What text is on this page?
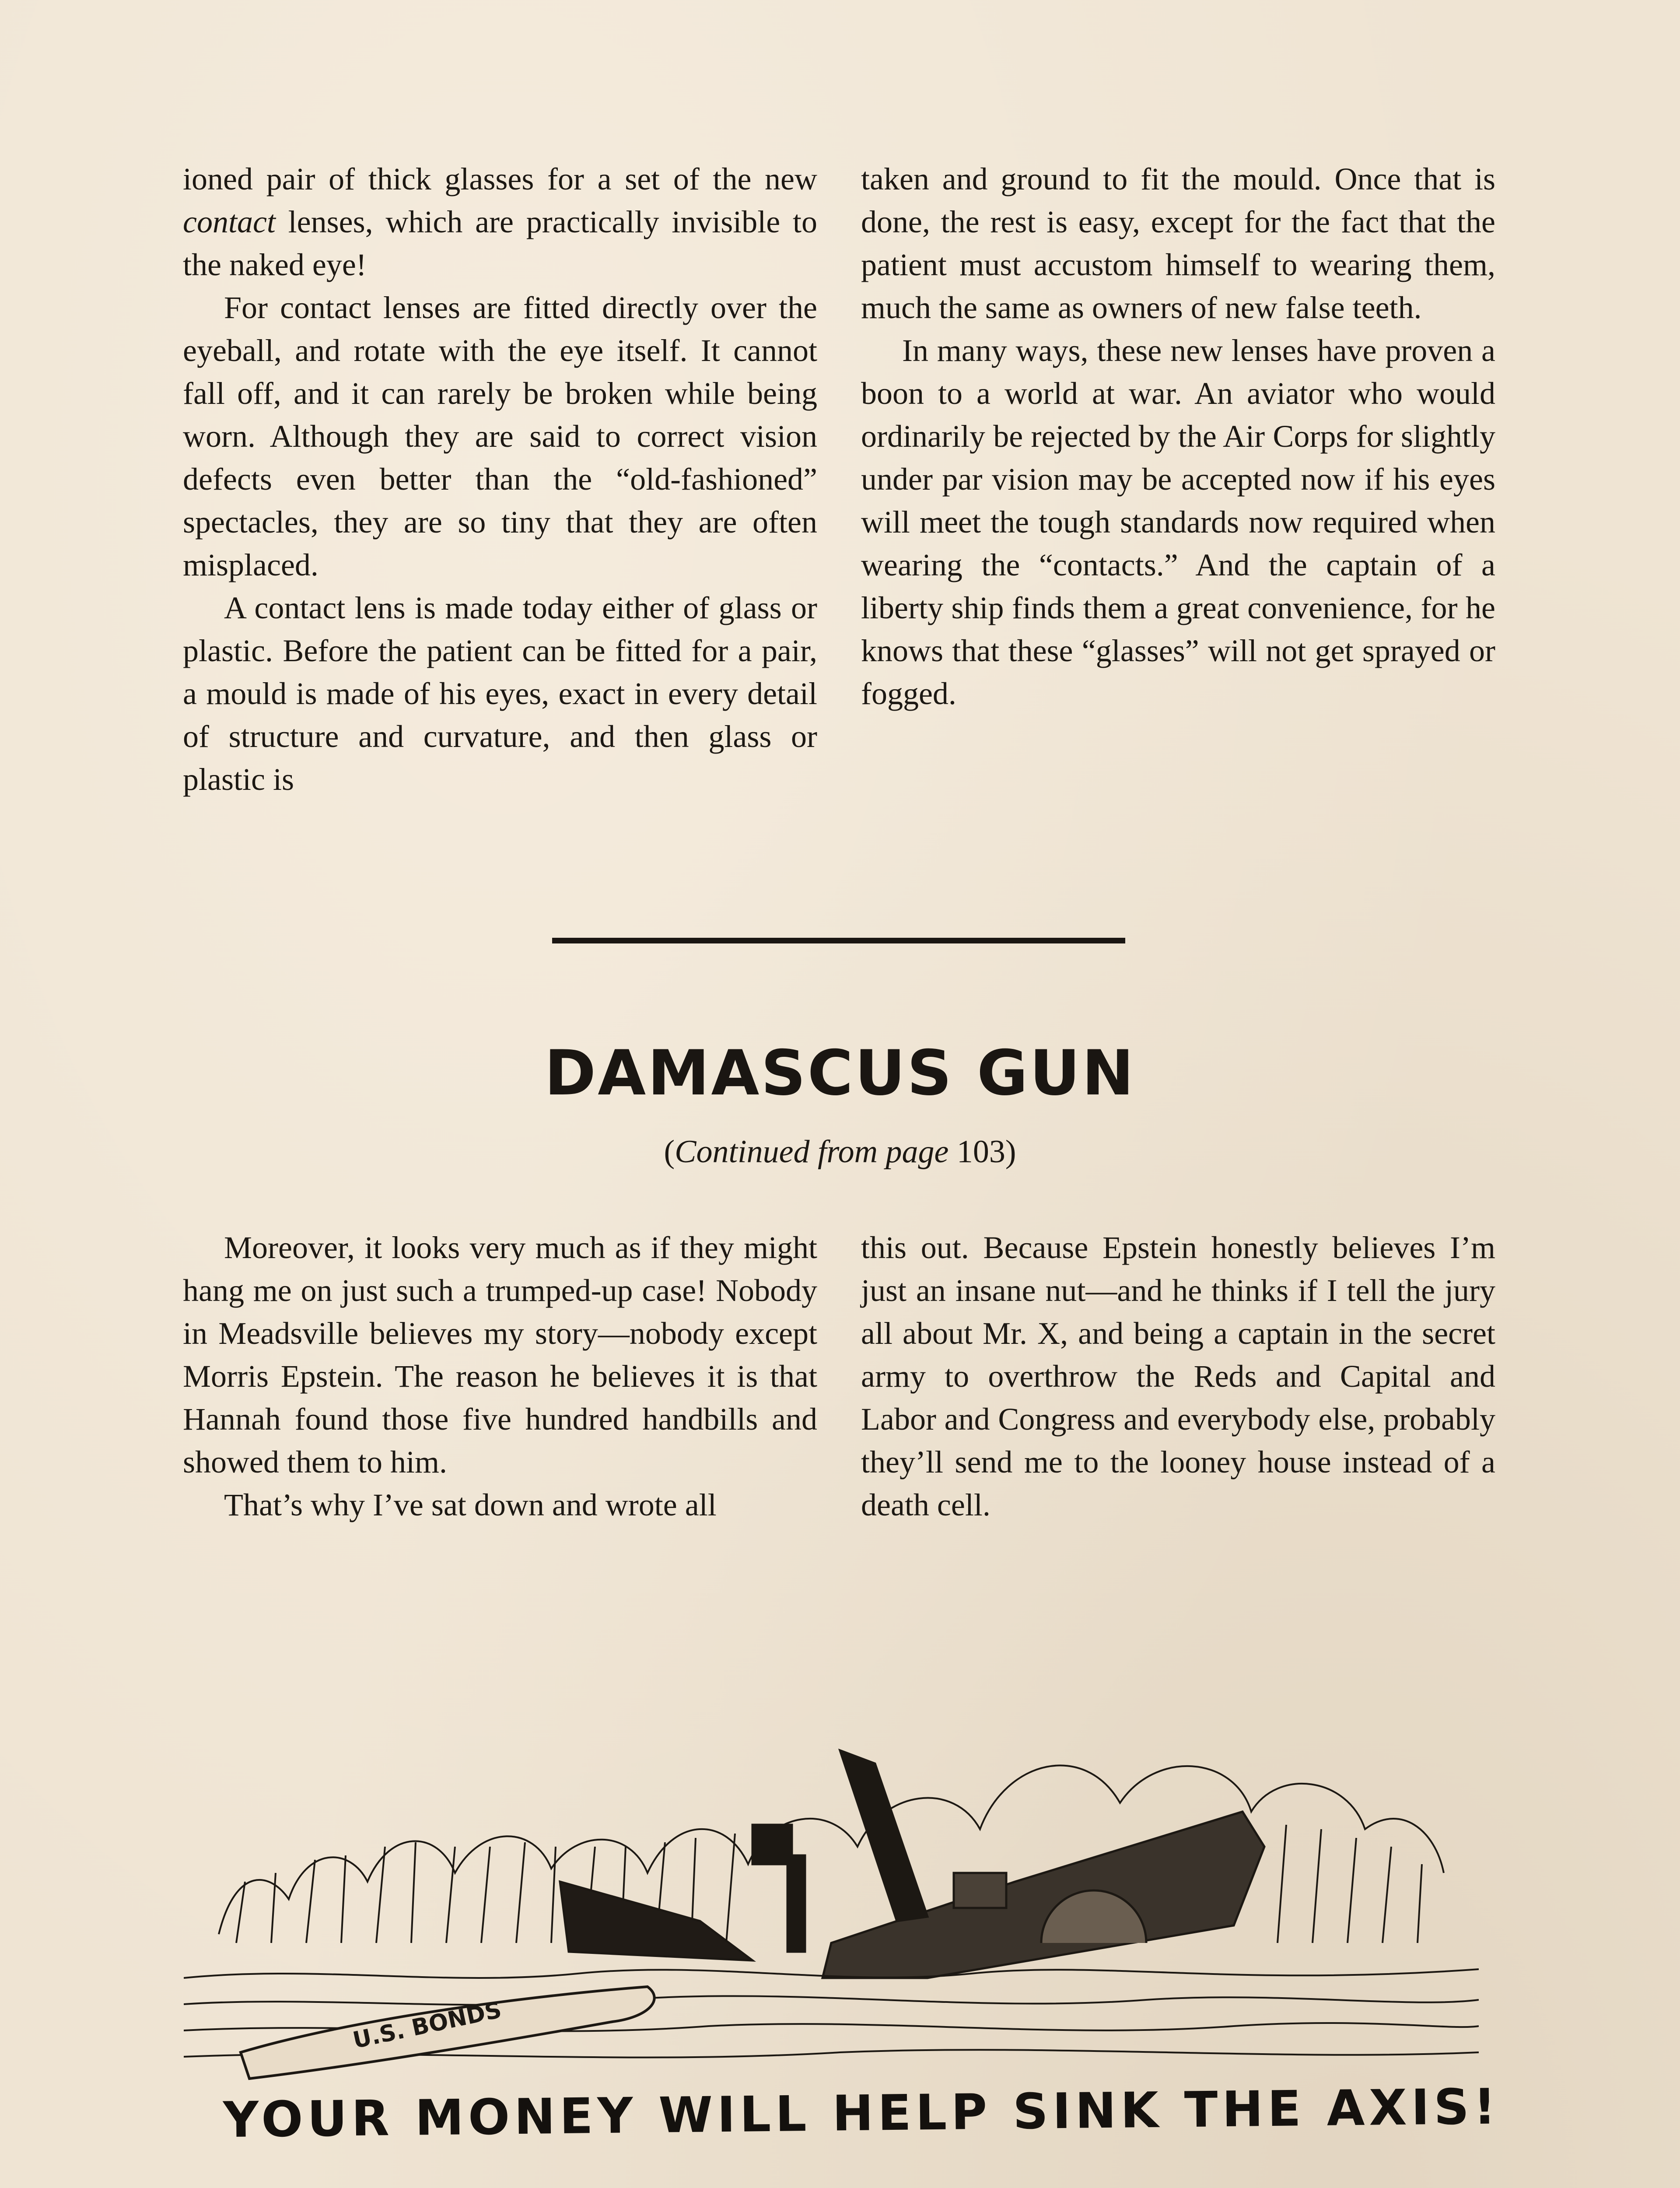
ioned pair of thick glasses for a set of the new contact lenses, which are practically invisible to the naked eye!

For contact lenses are fitted directly over the eyeball, and rotate with the eye itself. It cannot fall off, and it can rarely be broken while being worn. Although they are said to correct vision defects even better than the “old-fashioned” spectacles, they are so tiny that they are often misplaced.

A contact lens is made today either of glass or plastic. Before the patient can be fitted for a pair, a mould is made of his eyes, exact in every detail of structure and curvature, and then glass or plastic is

taken and ground to fit the mould. Once that is done, the rest is easy, except for the fact that the patient must accustom himself to wearing them, much the same as owners of new false teeth.

In many ways, these new lenses have proven a boon to a world at war. An aviator who would ordinarily be rejected by the Air Corps for slightly under par vision may be accepted now if his eyes will meet the tough standards now required when wearing the “contacts.” And the captain of a liberty ship finds them a great convenience, for he knows that these “glasses” will not get sprayed or fogged.

DAMASCUS GUN
(Continued from page 103)

Moreover, it looks very much as if they might hang me on just such a trumped-up case! Nobody in Meadsville believes my story—nobody except Morris Epstein. The reason he believes it is that Hannah found those five hundred handbills and showed them to him.

That’s why I’ve sat down and wrote all

this out. Because Epstein honestly believes I’m just an insane nut—and he thinks if I tell the jury all about Mr. X, and being a captain in the secret army to overthrow the Reds and Capital and Labor and Congress and everybody else, probably they’ll send me to the looney house instead of a death cell.

U.S. BONDS
YOUR MONEY WILL HELP SINK THE AXIS!
